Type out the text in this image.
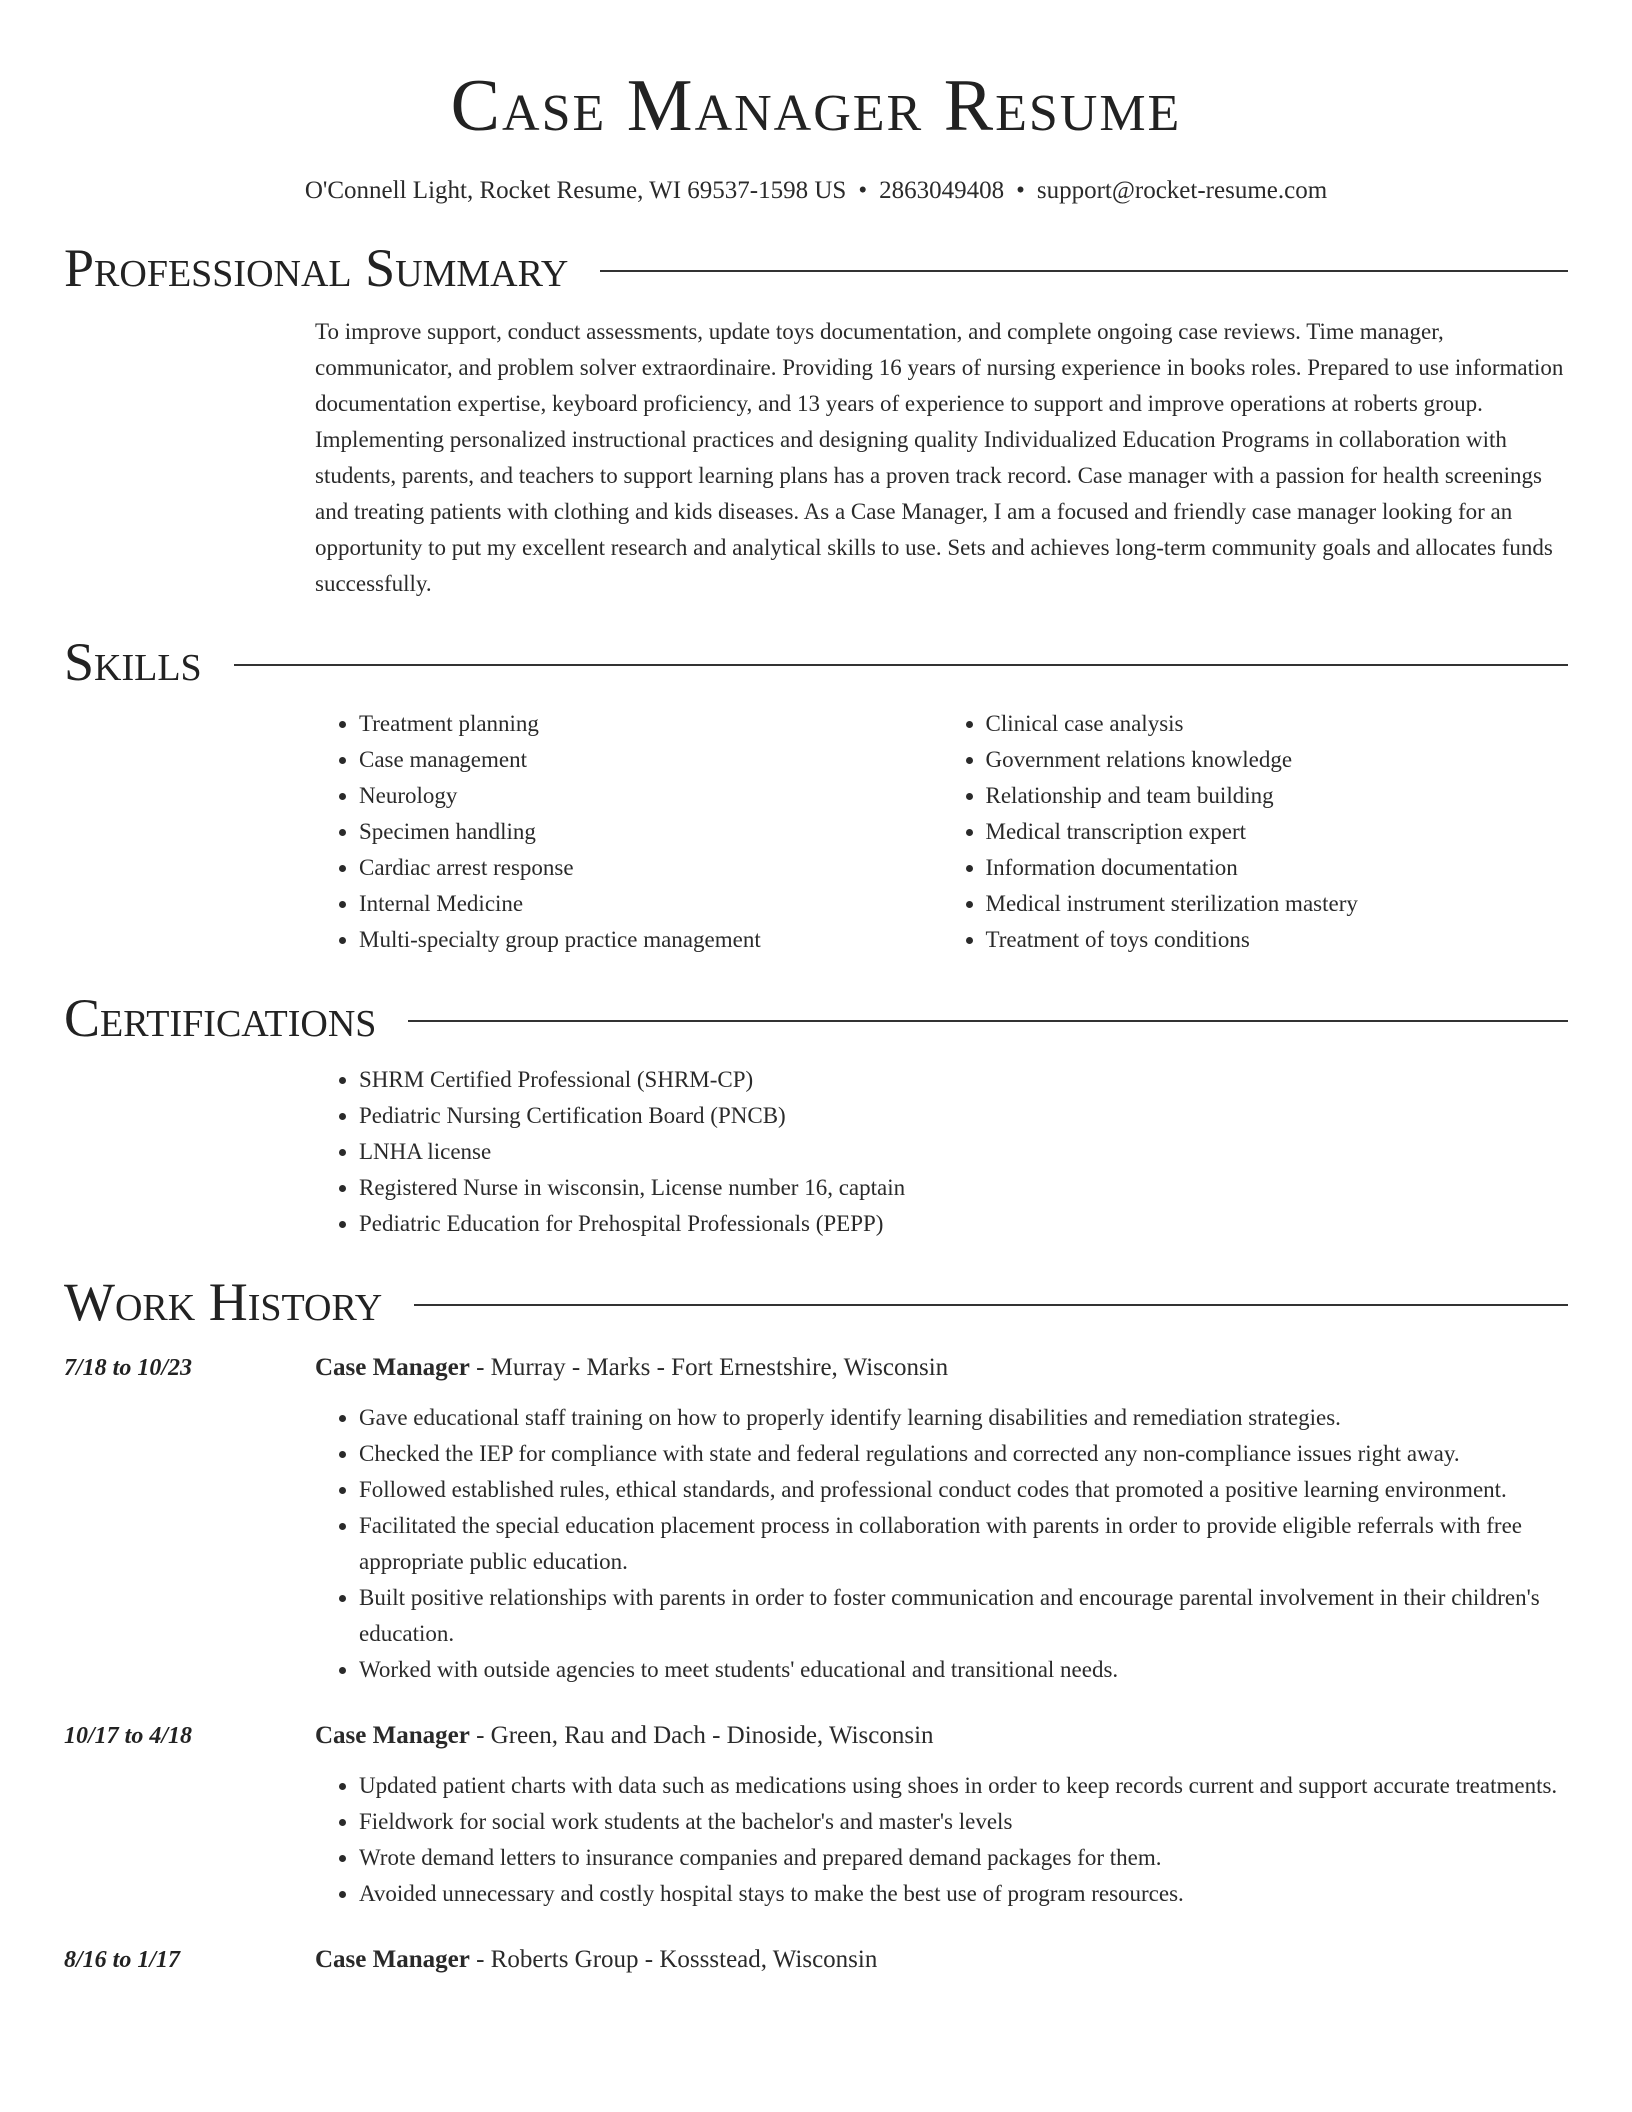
Case Manager Resume
O'Connell Light, Rocket Resume, WI 69537-1598 US • 2863049408 • support@rocket-resume.com
Professional Summary
To improve support, conduct assessments, update toys documentation, and complete ongoing case reviews. Time manager, communicator, and problem solver extraordinaire. Providing 16 years of nursing experience in books roles. Prepared to use information documentation expertise, keyboard proficiency, and 13 years of experience to support and improve operations at roberts group. Implementing personalized instructional practices and designing quality Individualized Education Programs in collaboration with students, parents, and teachers to support learning plans has a proven track record. Case manager with a passion for health screenings and treating patients with clothing and kids diseases. As a Case Manager, I am a focused and friendly case manager looking for an opportunity to put my excellent research and analytical skills to use. Sets and achieves long-term community goals and allocates funds successfully.
Skills
• Treatment planning
• Case management
• Neurology
• Specimen handling
• Cardiac arrest response
• Internal Medicine
• Multi-specialty group practice management
• Clinical case analysis
• Government relations knowledge
• Relationship and team building
• Medical transcription expert
• Information documentation
• Medical instrument sterilization mastery
• Treatment of toys conditions
Certifications
• SHRM Certified Professional (SHRM-CP)
• Pediatric Nursing Certification Board (PNCB)
• LNHA license
• Registered Nurse in wisconsin, License number 16, captain
• Pediatric Education for Prehospital Professionals (PEPP)
Work History
7/18 to 10/23	Case Manager - Murray - Marks - Fort Ernestshire, Wisconsin
• Gave educational staff training on how to properly identify learning disabilities and remediation strategies.
• Checked the IEP for compliance with state and federal regulations and corrected any non-compliance issues right away.
• Followed established rules, ethical standards, and professional conduct codes that promoted a positive learning environment.
• Facilitated the special education placement process in collaboration with parents in order to provide eligible referrals with free appropriate public education.
• Built positive relationships with parents in order to foster communication and encourage parental involvement in their children's education.
• Worked with outside agencies to meet students' educational and transitional needs.
10/17 to 4/18	Case Manager - Green, Rau and Dach - Dinoside, Wisconsin
• Updated patient charts with data such as medications using shoes in order to keep records current and support accurate treatments.
• Fieldwork for social work students at the bachelor's and master's levels
• Wrote demand letters to insurance companies and prepared demand packages for them.
• Avoided unnecessary and costly hospital stays to make the best use of program resources.
8/16 to 1/17	Case Manager - Roberts Group - Kossstead, Wisconsin
